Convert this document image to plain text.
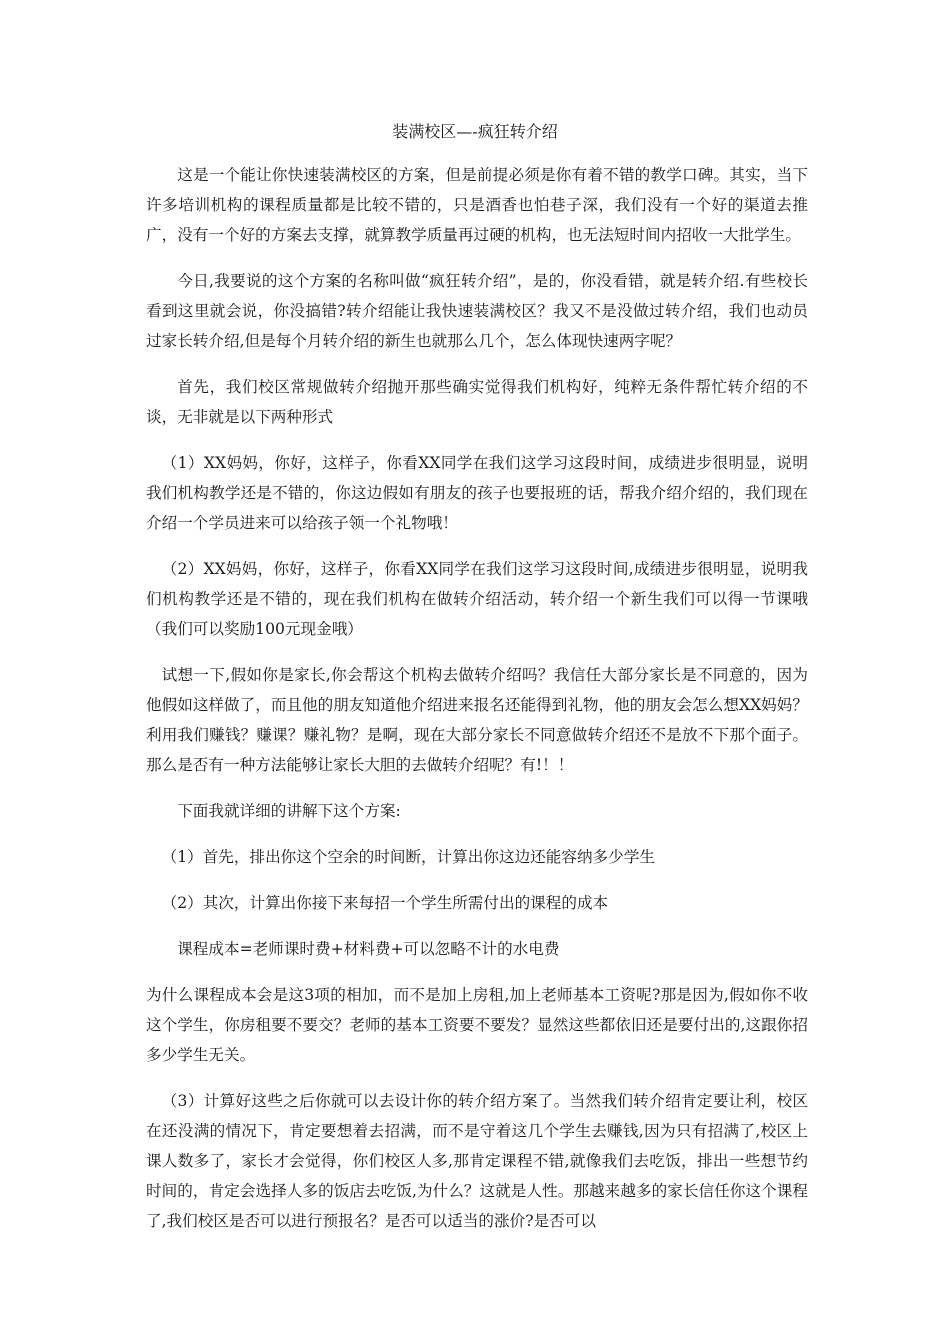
装满校区—-疯狂转介绍

这是一个能让你快速装满校区的方案，但是前提必须是你有着不错的教学口碑。其实，当下许多培训机构的课程质量都是比较不错的，只是酒香也怕巷子深，我们没有一个好的渠道去推广，没有一个好的方案去支撑，就算教学质量再过硬的机构，也无法短时间内招收一大批学生。

今日,我要说的这个方案的名称叫做“疯狂转介绍”，是的，你没看错，就是转介绍.有些校长看到这里就会说，你没搞错?转介绍能让我快速装满校区？我又不是没做过转介绍，我们也动员过家长转介绍,但是每个月转介绍的新生也就那么几个，怎么体现快速两字呢？

首先，我们校区常规做转介绍抛开那些确实觉得我们机构好，纯粹无条件帮忙转介绍的不谈，无非就是以下两种形式

（1）XX妈妈，你好，这样子，你看XX同学在我们这学习这段时间，成绩进步很明显，说明我们机构教学还是不错的，你这边假如有朋友的孩子也要报班的话，帮我介绍介绍的，我们现在介绍一个学员进来可以给孩子领一个礼物哦！

（2）XX妈妈，你好，这样子，你看XX同学在我们这学习这段时间,成绩进步很明显，说明我们机构教学还是不错的，现在我们机构在做转介绍活动，转介绍一个新生我们可以得一节课哦（我们可以奖励100元现金哦）

试想一下,假如你是家长,你会帮这个机构去做转介绍吗？我信任大部分家长是不同意的，因为他假如这样做了，而且他的朋友知道他介绍进来报名还能得到礼物，他的朋友会怎么想XX妈妈？利用我们赚钱？赚课？赚礼物？是啊，现在大部分家长不同意做转介绍还不是放不下那个面子。那么是否有一种方法能够让家长大胆的去做转介绍呢？有!！！

下面我就详细的讲解下这个方案:

（1）首先，排出你这个空余的时间断，计算出你这边还能容纳多少学生

（2）其次，计算出你接下来每招一个学生所需付出的课程的成本

课程成本=老师课时费+材料费+可以忽略不计的水电费

为什么课程成本会是这3项的相加，而不是加上房租,加上老师基本工资呢?那是因为,假如你不收这个学生，你房租要不要交？老师的基本工资要不要发？显然这些都依旧还是要付出的,这跟你招多少学生无关。

（3）计算好这些之后你就可以去设计你的转介绍方案了。当然我们转介绍肯定要让利，校区在还没满的情况下，肯定要想着去招满，而不是守着这几个学生去赚钱,因为只有招满了,校区上课人数多了，家长才会觉得，你们校区人多,那肯定课程不错,就像我们去吃饭，排出一些想节约时间的，肯定会选择人多的饭店去吃饭,为什么？这就是人性。那越来越多的家长信任你这个课程了,我们校区是否可以进行预报名？是否可以适当的涨价?是否可以
